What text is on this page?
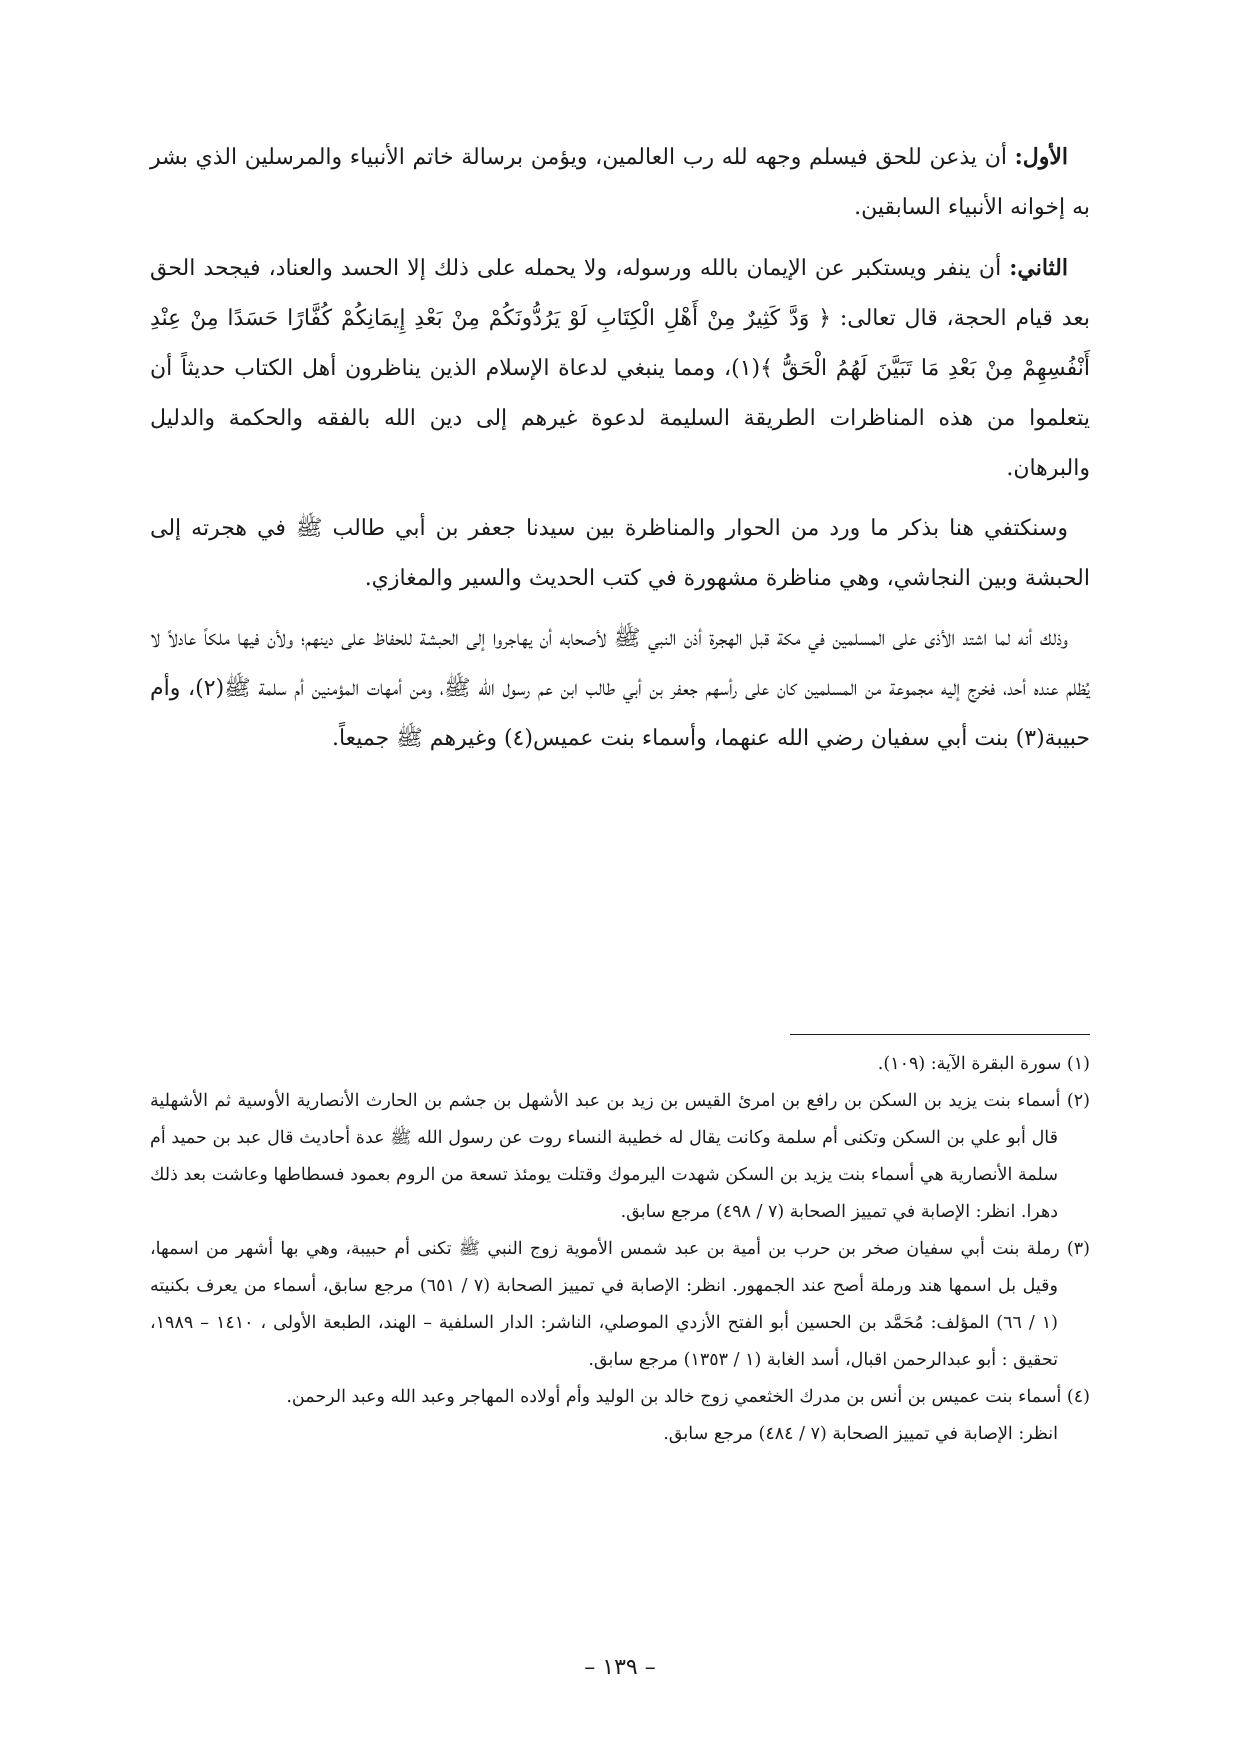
الأول: أن يذعن للحق فيسلم وجهه لله رب العالمين، ويؤمن برسالة خاتم الأنبياء والمرسلين الذي بشر به إخوانه الأنبياء السابقين.

الثاني: أن ينفر ويستكبر عن الإيمان بالله ورسوله، ولا يحمله على ذلك إلا الحسد والعناد، فيجحد الحق بعد قيام الحجة، قال تعالى: ﴿ وَدَّ كَثِيرٌ مِنْ أَهْلِ الْكِتَابِ لَوْ يَرُدُّونَكُمْ مِنْ بَعْدِ إِيمَانِكُمْ كُفَّارًا حَسَدًا مِنْ عِنْدِ أَنْفُسِهِمْ مِنْ بَعْدِ مَا تَبَيَّنَ لَهُمُ الْحَقُّ ﴾(١)، ومما ينبغي لدعاة الإسلام الذين يناظرون أهل الكتاب حديثاً أن يتعلموا من هذه المناظرات الطريقة السليمة لدعوة غيرهم إلى دين الله بالفقه والحكمة والدليل والبرهان.

وسنكتفي هنا بذكر ما ورد من الحوار والمناظرة بين سيدنا جعفر بن أبي طالب ﷺ في هجرته إلى الحبشة وبين النجاشي، وهي مناظرة مشهورة في كتب الحديث والسير والمغازي.

وذلك أنه لما اشتد الأذى على المسلمين في مكة قبل الهجرة أذن النبي ﷺ لأصحابه أن يهاجروا إلى الحبشة للحفاظ على دينهم؛ ولأن فيها ملكاً عادلاً لا يُظلم عنده أحد، فخرج إليه مجموعة من المسلمين كان على رأسهم جعفر بن أبي طالب ابن عم رسول الله ﷺ، ومن أمهات المؤمنين أم سلمة ﷺ(٢)، وأم حبيبة(٣) بنت أبي سفيان رضي الله عنهما، وأسماء بنت عميس(٤) وغيرهم ﷺ جميعاً.

(١) سورة البقرة الآية: (١٠٩).

(٢) أسماء بنت يزيد بن السكن بن رافع بن امرئ القيس بن زيد بن عبد الأشهل بن جشم بن الحارث الأنصارية الأوسية ثم الأشهلية قال أبو علي بن السكن وتكنى أم سلمة وكانت يقال له خطيبة النساء روت عن رسول الله ﷺ عدة أحاديث قال عبد بن حميد أم سلمة الأنصارية هي أسماء بنت يزيد بن السكن شهدت اليرموك وقتلت يومئذ تسعة من الروم بعمود فسطاطها وعاشت بعد ذلك دهرا. انظر: الإصابة في تمييز الصحابة (٧ / ٤٩٨) مرجع سابق.

(٣) رملة بنت أبي سفيان صخر بن حرب بن أمية بن عبد شمس الأموية زوج النبي ﷺ تكنى أم حبيبة، وهي بها أشهر من اسمها، وقيل بل اسمها هند ورملة أصح عند الجمهور. انظر: الإصابة في تمييز الصحابة (٧ / ٦٥١) مرجع سابق، أسماء من يعرف بكنيته (١ / ٦٦) المؤلف: مُحَمَّد بن الحسين أبو الفتح الأزدي الموصلي، الناشر: الدار السلفية – الهند، الطبعة الأولى ، ١٤١٠ – ١٩٨٩، تحقيق : أبو عبدالرحمن اقبال، أسد الغابة (١ / ١٣٥٣) مرجع سابق.

(٤) أسماء بنت عميس بن أنس بن مدرك الخثعمي زوج خالد بن الوليد وأم أولاده المهاجر وعبد الله وعبد الرحمن.

انظر: الإصابة في تمييز الصحابة (٧ / ٤٨٤) مرجع سابق.

– ١٣٩ –
